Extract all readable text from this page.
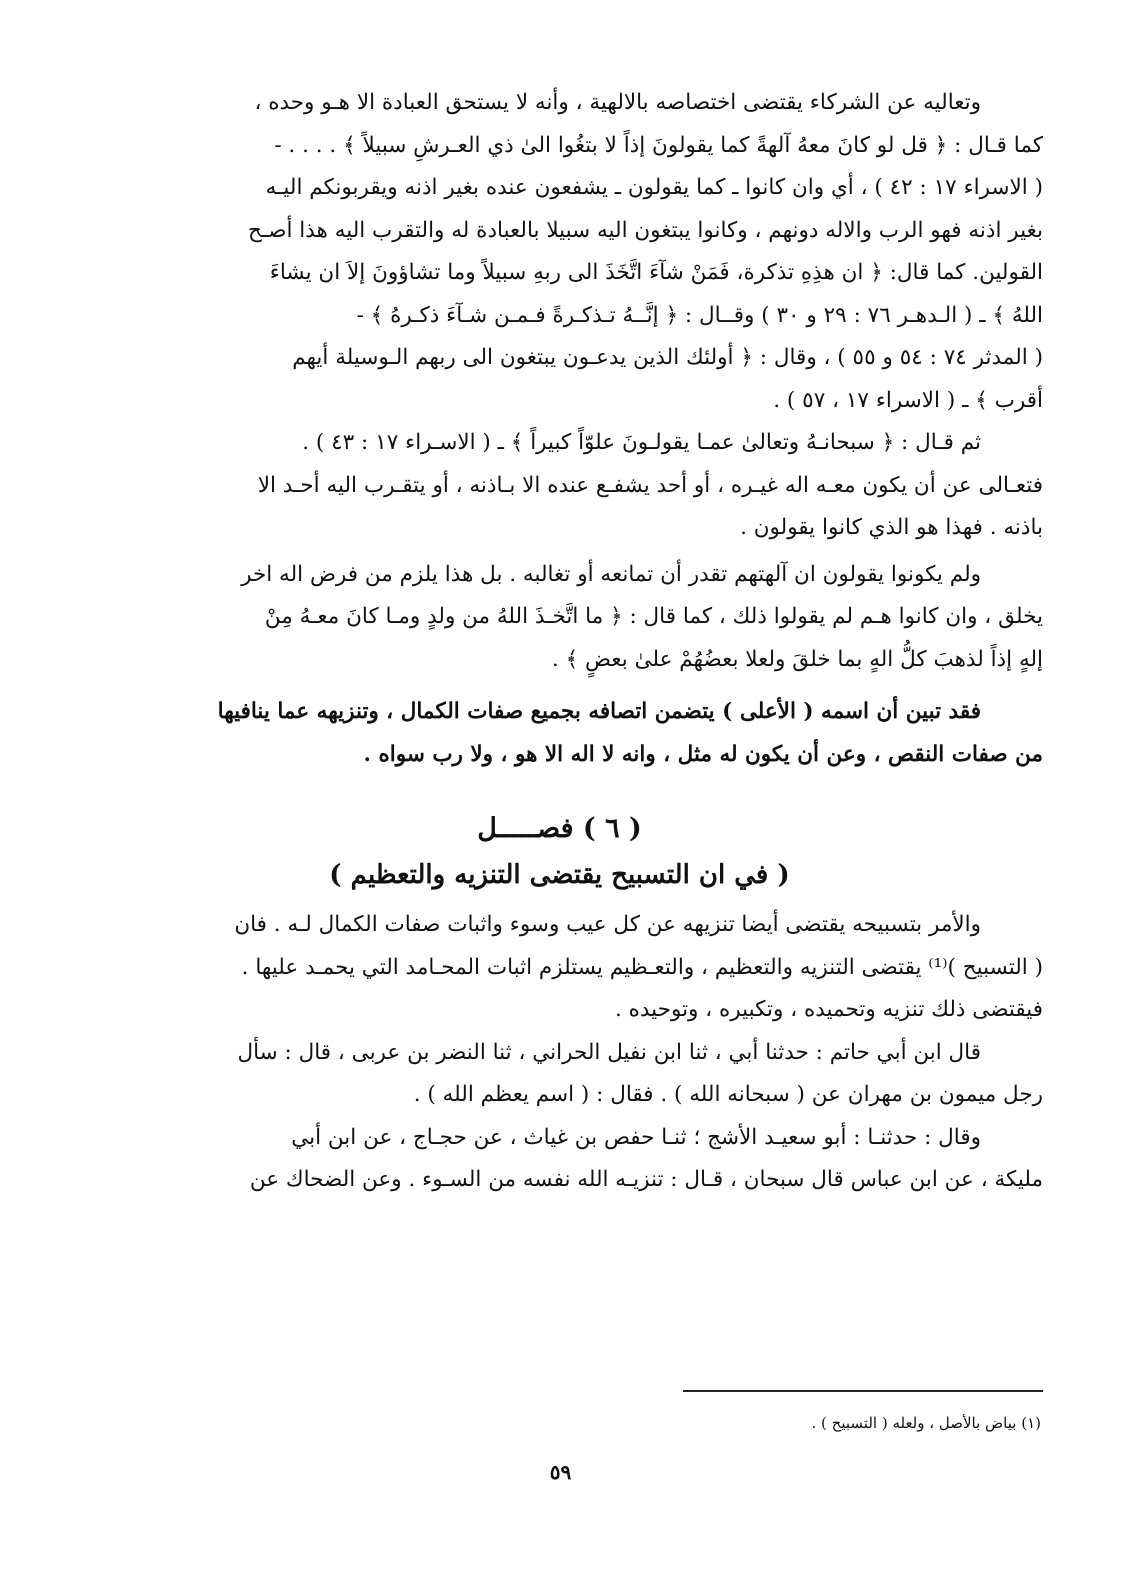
وتعاليه عن الشركاء يقتضى اختصاصه بالالهية ، وأنه لا يستحق العبادة الا هـو وحده ،
كما قـال : ﴿ قل لو كانَ معهُ آلهةً كما يقولونَ إذاً لا بتغُوا الىٰ ذي العـرشِ سبيلاً ﴾ . . . . -
( الاسراء ١٧ : ٤٢ ) ، أي وان كانوا ـ كما يقولون ـ يشفعون عنده بغير اذنه ويقربونكم اليـه
بغير اذنه فهو الرب والاله دونهم ، وكانوا يبتغون اليه سبيلا بالعبادة له والتقرب اليه هذا أصـح
القولين. كما قال: ﴿ ان هذِهِ تذكرة، فَمَنْ شآءَ اتَّخَذَ الى ربهِ سبيلاً وما تشاؤونَ إلاَ ان يشاءَ
اللهُ ﴾ ـ ( الـدهـر ٧٦ : ٢٩ و ٣٠ ) وقــال : ﴿ إنَّــهُ تـذكـرةً فـمـن شـآءَ ذكـرهُ ﴾ -
( المدثر ٧٤ : ٥٤ و ٥٥ ) ، وقال : ﴿ أولئك الذين يدعـون يبتغون الى ربهم الـوسيلة أيهم
أقرب ﴾ ـ ( الاسراء ١٧ ، ٥٧ ) .
ثم قـال : ﴿ سبحانـهُ وتعالىٰ عمـا يقولـونَ علوّاً كبيراً ﴾ ـ ( الاسـراء ١٧ : ٤٣ ) .
فتعـالى عن أن يكون معـه اله غيـره ، أو أحد يشفـع عنده الا بـاذنه ، أو يتقـرب اليه أحـد الا
باذنه . فهذا هو الذي كانوا يقولون .
ولم يكونوا يقولون ان آلهتهم تقدر أن تمانعه أو تغالبه . بل هذا يلزم من فرض اله اخر
يخلق ، وان كانوا هـم لم يقولوا ذلك ، كما قال : ﴿ ما اتَّخـذَ اللهُ من ولدٍ ومـا كانَ معـهُ مِنْ
إلهٍ إذاً لذهبَ كلُّ الهٍ بما خلقَ ولعلا بعضُهُمْ علىٰ بعضٍ ﴾ .
فقد تبين أن اسمه ( الأعلى ) يتضمن اتصافه بجميع صفات الكمال ، وتنزيهه عما ينافيها
من صفات النقص ، وعن أن يكون له مثل ، وانه لا اله الا هو ، ولا رب سواه .
( ٦ ) فصـــــل
( في ان التسبيح يقتضى التنزيه والتعظيم )
والأمر بتسبيحه يقتضى أيضا تنزيهه عن كل عيب وسوء واثبات صفات الكمال لـه . فان
( التسبيح )⁽¹⁾ يقتضى التنزيه والتعظيم ، والتعـظيم يستلزم اثبات المحـامد التي يحمـد عليها .
فيقتضى ذلك تنزيه وتحميده ، وتكبيره ، وتوحيده .
قال ابن أبي حاتم : حدثنا أبي ، ثنا ابن نفيل الحراني ، ثنا النضر بن عربى ، قال : سأل
رجل ميمون بن مهران عن ( سبحانه الله ) . فقال : ( اسم يعظم الله ) .
وقال : حدثنـا : أبو سعيـد الأشج ؛ ثنـا حفص بن غياث ، عن حجـاج ، عن ابن أبي
مليكة ، عن ابن عباس قال سبحان ، قـال : تنزيـه الله نفسه من السـوء . وعن الضحاك عن
(١) بياض بالأصل ، ولعله ( التسبيح ) .
٥٩
